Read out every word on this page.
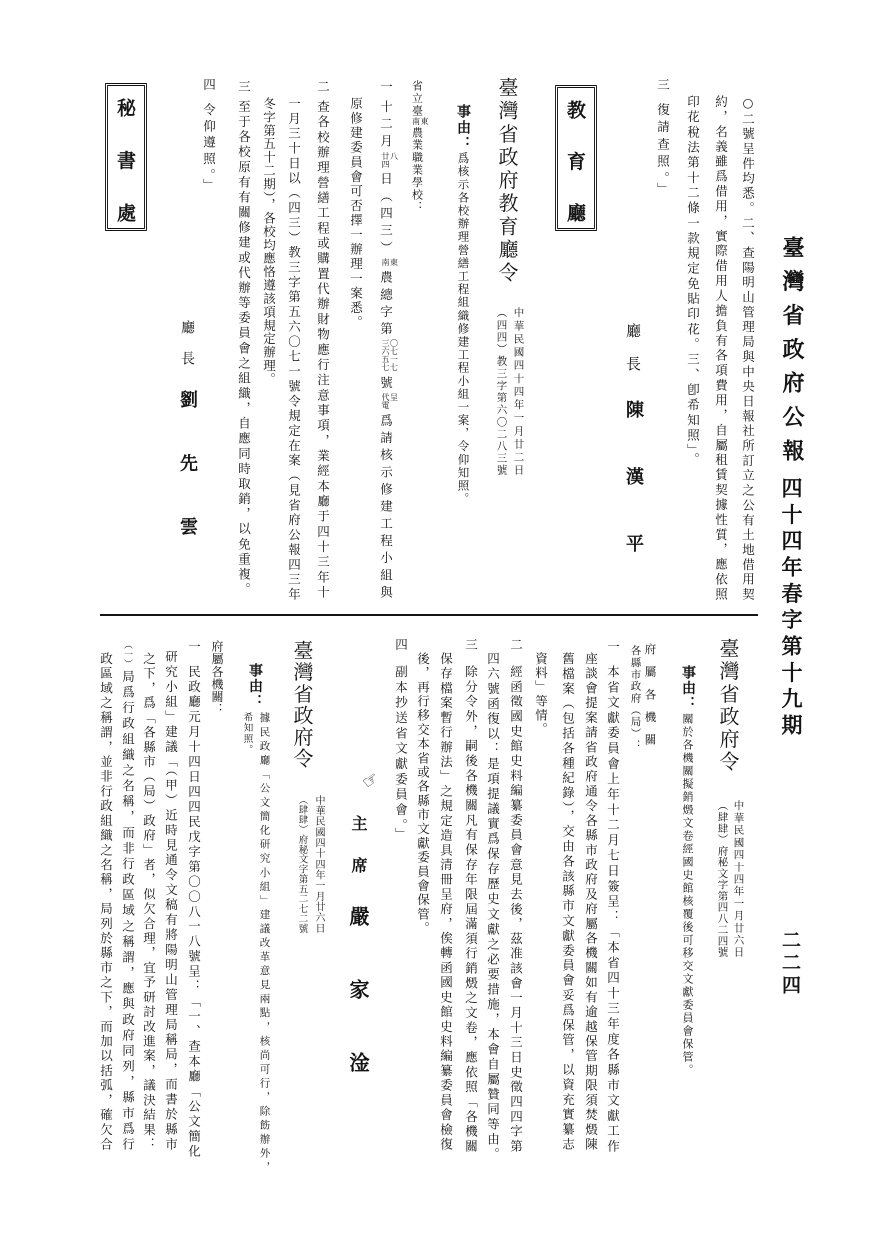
臺灣省政府公報
四十四年春字第十九期
二二四
○二號呈件均悉。二、查陽明山管理局與中央日報社所訂立之公有土地借用契
約，名義雖爲借用，實際借用人擔負有各項費用，自屬租賃契據性質，應依照
印花稅法第十二條一款規定免貼印花。三、卽希知照」。
三
復請查照。」
廳長
陳漢平
教育廳
臺灣省政府教育廳令
中華民國四十四年一月廿二日
（四四）教三字第六〇二八三號
事由：
爲核示各校辦理營繕工程組織修建工程小組一案，令仰知照。
省立臺東
南農業職業學校：
一
十二月八
廿四日（四三）東
南農總字第〇七一七
三六五七號呈
代電爲請核示修建工程小組與
原修建委員會可否擇一辦理一案悉。
二
查各校辦理營繕工程或購置代辦財物應行注意事項，業經本廳于四十三年十
一月三十日以（四三）教三字第五六〇七一號令規定在案（見省府公報四三年
冬字第五十二期），各校均應恪遵該項規定辦理。
三
至于各校原有有關修建或代辦等委員會之組織，自應同時取銷，以免重複。
四
令仰遵照。」
廳長
劉先雲
秘書處
臺灣省政府令
中華民國四十四年一月廿六日
（肆肆）府秘文字第四八二四號
事由：
關於各機關擬銷燬文卷經國史館核覆後可移交文獻委員會保管。
府屬各機關
各縣市政府（局）：
一
本省文獻委員會上年十二月七日簽呈：「本省四十三年度各縣市文獻工作
座談會提案請省政府通令各縣市政府及府屬各機關如有逾越保管期限須焚燬陳
舊檔案（包括各種紀錄），交由各該縣市文獻委員會妥爲保管，以資充實纂志
資料」等情。
二
經函徵國史館史料編纂委員會意見去後，茲准該會一月十三日史徵四四字第
四六號函復以：是項提議實爲保存歷史文獻之必要措施，本會自屬贊同等由。
三
除分令外，嗣後各機關凡有保存年限屆滿須行銷燬之文卷，應依照「各機關
保存檔案暫行辦法」之規定造具清冊呈府，俟轉函國史館史料編纂委員會檢復
後，再行移交本省或各縣市文獻委員會保管。
四
副本抄送省文獻委員會。」
☞
主席
嚴家淦
臺灣省政府令
中華民國四十四年一月廿六日
（肆肆）府秘文字第五二七二號
事由：
據民政廳「公文簡化研究小組」建議改革意見兩點，核尚可行，除飭辦外，
希知照。
府屬各機關：
一
民政廳元月十四日四四民戊字第〇〇八一八號呈：「一、查本廳「公文簡化
研究小組」建議「（甲）近時見通令文稿有將陽明山管理局稱局，而書於縣市
之下，爲「各縣市（局）政府」者，似欠合理，宜予研討改進案，議決結果：
（一）
局爲行政組織之名稱，而非行政區域之稱謂，應與政府同列，縣市爲行
政區域之稱謂，並非行政組織之名稱，局列於縣市之下，而加以括弧，確欠合
